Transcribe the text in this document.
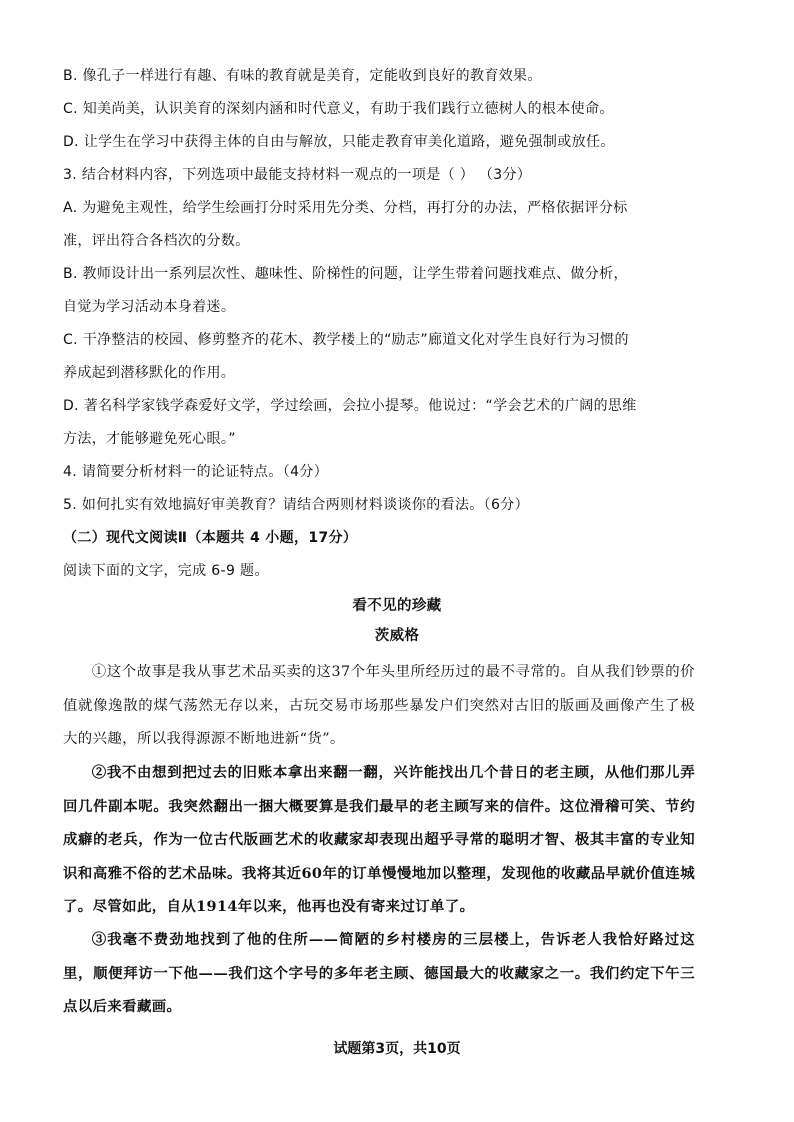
B. 像孔子一样进行有趣、有味的教育就是美育，定能收到良好的教育效果。
C. 知美尚美，认识美育的深刻内涵和时代意义，有助于我们践行立德树人的根本使命。
D. 让学生在学习中获得主体的自由与解放，只能走教育审美化道路，避免强制或放任。
3. 结合材料内容，下列选项中最能支持材料一观点的一项是（ ） （3分）
A. 为避免主观性，给学生绘画打分时采用先分类、分档，再打分的办法，严格依据评分标
准，评出符合各档次的分数。
B. 教师设计出一系列层次性、趣味性、阶梯性的问题，让学生带着问题找难点、做分析，
自觉为学习活动本身着迷。
C. 干净整洁的校园、修剪整齐的花木、教学楼上的“励志”廊道文化对学生良好行为习惯的
养成起到潜移默化的作用。
D. 著名科学家钱学森爱好文学，学过绘画，会拉小提琴。他说过：“学会艺术的广阔的思维
方法，才能够避免死心眼。”
4. 请简要分析材料一的论证特点。（4分）
5. 如何扎实有效地搞好审美教育？请结合两则材料谈谈你的看法。（6分）
（二）现代文阅读Ⅱ（本题共 4 小题，17分）
阅读下面的文字，完成 6-9 题。
看不见的珍藏
茨威格
①这个故事是我从事艺术品买卖的这37个年头里所经历过的最不寻常的。自从我们钞票的价值就像逸散的煤气荡然无存以来，古玩交易市场那些暴发户们突然对古旧的版画及画像产生了极大的兴趣，所以我得源源不断地进新“货”。
②我不由想到把过去的旧账本拿出来翻一翻，兴许能找出几个昔日的老主顾，从他们那儿弄回几件副本呢。我突然翻出一捆大概要算是我们最早的老主顾写来的信件。这位滑稽可笑、节约成癖的老兵，作为一位古代版画艺术的收藏家却表现出超乎寻常的聪明才智、极其丰富的专业知识和高雅不俗的艺术品味。我将其近60年的订单慢慢地加以整理，发现他的收藏品早就价值连城了。尽管如此，自从1914年以来，他再也没有寄来过订单了。
③我毫不费劲地找到了他的住所——简陋的乡村楼房的三层楼上，告诉老人我恰好路过这里，顺便拜访一下他——我们这个字号的多年老主顾、德国最大的收藏家之一。我们约定下午三点以后来看藏画。
试题第3页，共10页
